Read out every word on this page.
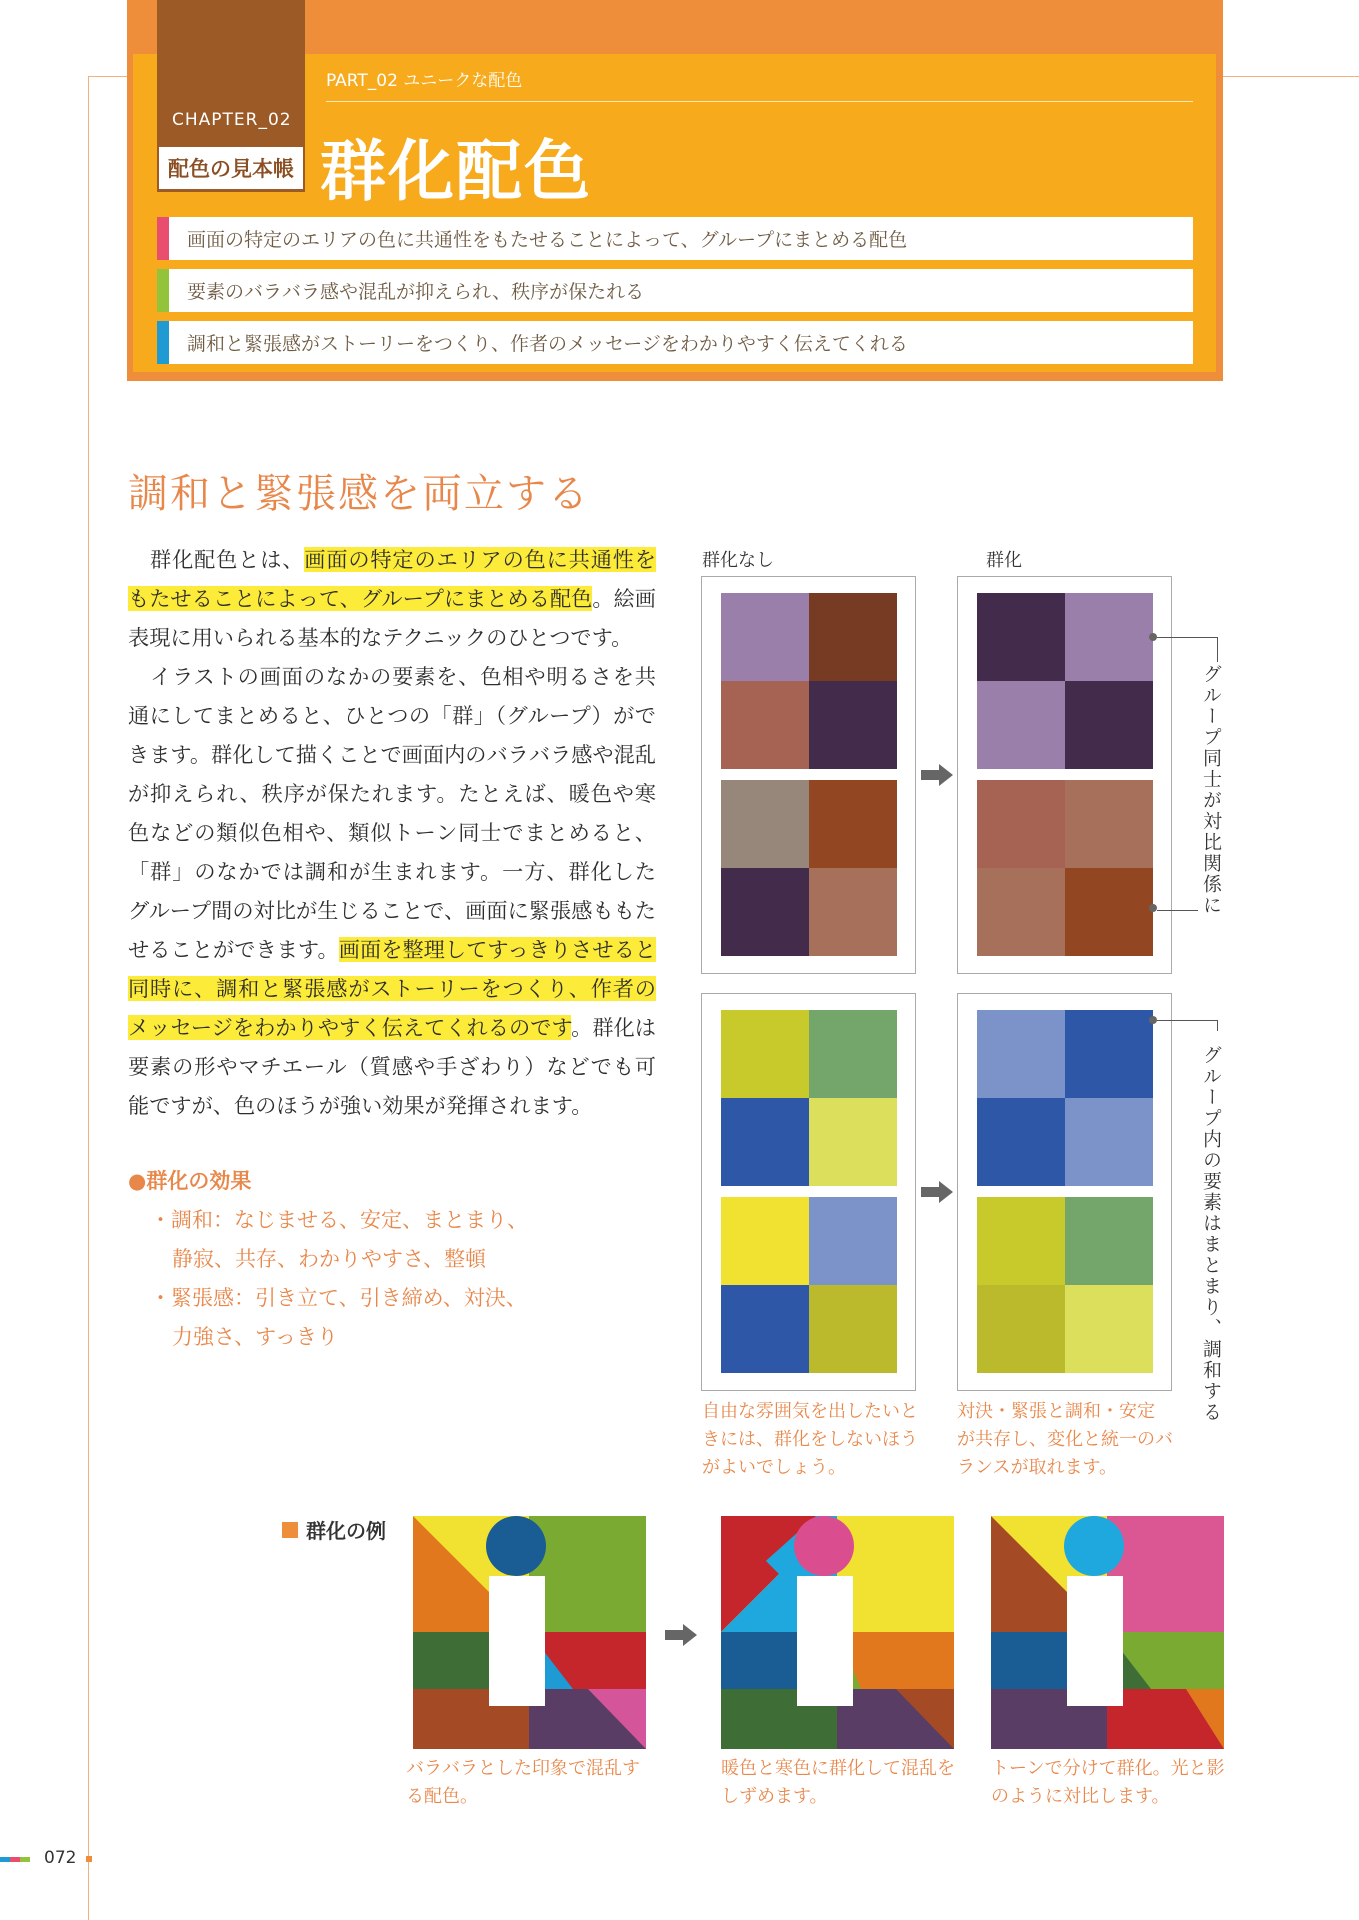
CHAPTER_02
配色の見本帳
PART_02 ユニークな配色
群化配色
画面の特定のエリアの色に共通性をもたせることによって、グループにまとめる配色
要素のバラバラ感や混乱が抑えられ、秩序が保たれる
調和と緊張感がストーリーをつくり、作者のメッセージをわかりやすく伝えてくれる
調和と緊張感を両立する
　群化配色とは、画面の特定のエリアの色に共通性をもたせることによって、グループにまとめる配色。絵画表現に用いられる基本的なテクニックのひとつです。
　イラストの画面のなかの要素を、色相や明るさを共通にしてまとめると、ひとつの「群」（グループ）ができます。群化して描くことで画面内のバラバラ感や混乱が抑えられ、秩序が保たれます。たとえば、暖色や寒色などの類似色相や、類似トーン同士でまとめると、「群」のなかでは調和が生まれます。一方、群化したグループ間の対比が生じることで、画面に緊張感ももたせることができます。画面を整理してすっきりさせると同時に、調和と緊張感がストーリーをつくり、作者のメッセージをわかりやすく伝えてくれるのです。群化は要素の形やマチエール（質感や手ざわり）などでも可能ですが、色のほうが強い効果が発揮されます。
●群化の効果
・調和：なじませる、安定、まとまり、
静寂、共存、わかりやすさ、整頓
・緊張感：引き立て、引き締め、対決、
力強さ、すっきり
群化なし	群化
グループ同士が対比関係に
グループ内の要素はまとまり、調和する
自由な雰囲気を出したいと
きには、群化をしないほう
がよいでしょう。
対決・緊張と調和・安定
が共存し、変化と統一のバ
ランスが取れます。
群化の例
バラバラとした印象で混乱す
る配色。
暖色と寒色に群化して混乱を
しずめます。
トーンで分けて群化。光と影
のように対比します。
072
